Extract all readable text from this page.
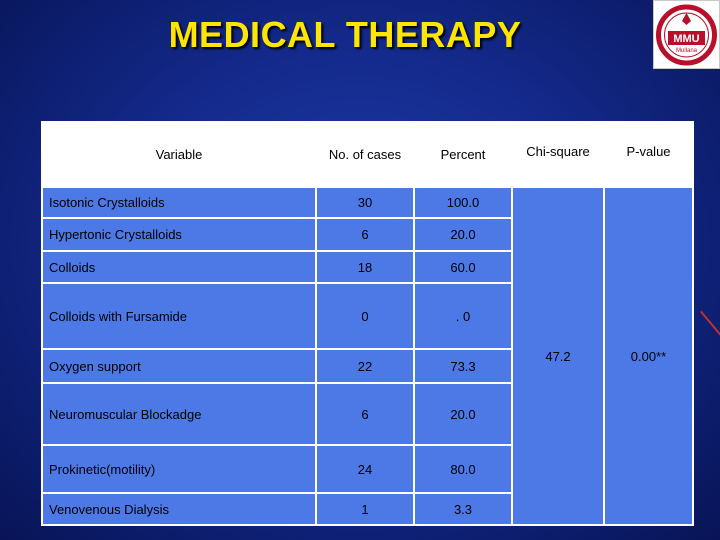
MEDICAL THERAPY	MMU
Mullana
Variable	No. of cases	Percent	Chi-square	P-value
Isotonic Crystalloids	30	100.0
Hypertonic Crystalloids	6	20.0
Colloids	18	60.0
Colloids with Fursamide	0	. 0
Oxygen support	22	73.3
Neuromuscular Blockadge	6	20.0
Prokinetic(motility)	24	80.0
Venovenous Dialysis	1	3.3
47.2	0.00**
